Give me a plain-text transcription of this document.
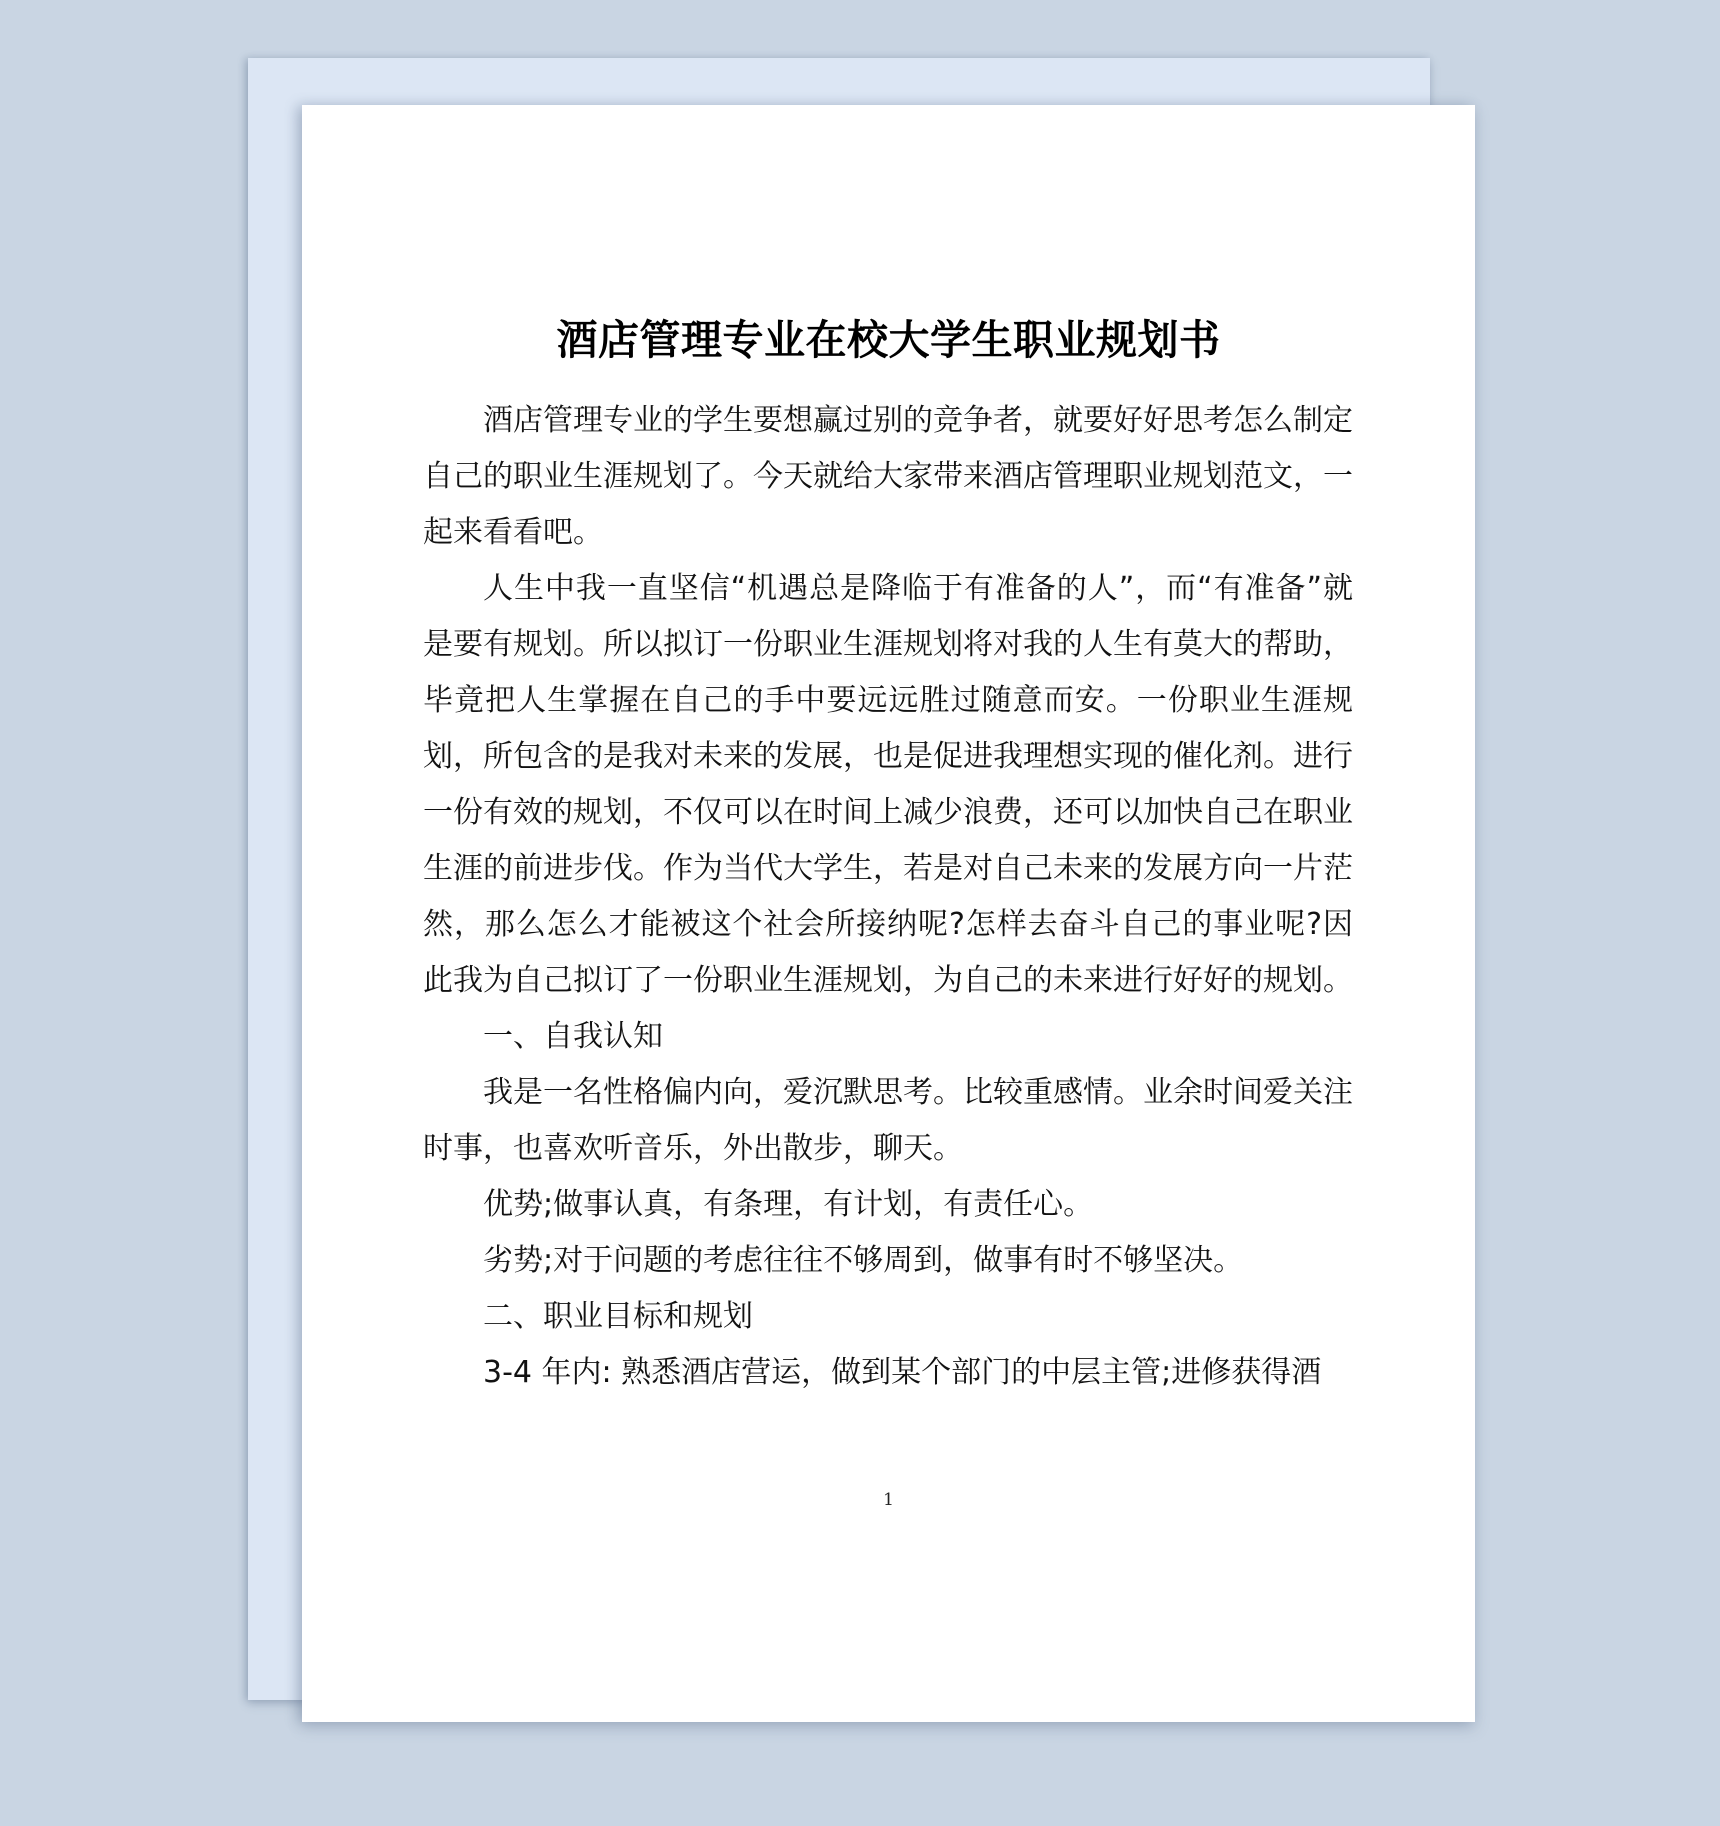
酒店管理专业在校大学生职业规划书

酒店管理专业的学生要想赢过别的竞争者，就要好好思考怎么制定自己的职业生涯规划了。今天就给大家带来酒店管理职业规划范文，一起来看看吧。

人生中我一直坚信“机遇总是降临于有准备的人”，而“有准备”就是要有规划。所以拟订一份职业生涯规划将对我的人生有莫大的帮助，毕竟把人生掌握在自己的手中要远远胜过随意而安。一份职业生涯规划，所包含的是我对未来的发展，也是促进我理想实现的催化剂。进行一份有效的规划，不仅可以在时间上减少浪费，还可以加快自己在职业生涯的前进步伐。作为当代大学生，若是对自己未来的发展方向一片茫然，那么怎么才能被这个社会所接纳呢?怎样去奋斗自己的事业呢?因此我为自己拟订了一份职业生涯规划，为自己的未来进行好好的规划。

一、自我认知

我是一名性格偏内向，爱沉默思考。比较重感情。业余时间爱关注时事，也喜欢听音乐，外出散步，聊天。

优势;做事认真，有条理，有计划，有责任心。

劣势;对于问题的考虑往往不够周到，做事有时不够坚决。

二、职业目标和规划

3-4 年内: 熟悉酒店营运，做到某个部门的中层主管;进修获得酒

1
